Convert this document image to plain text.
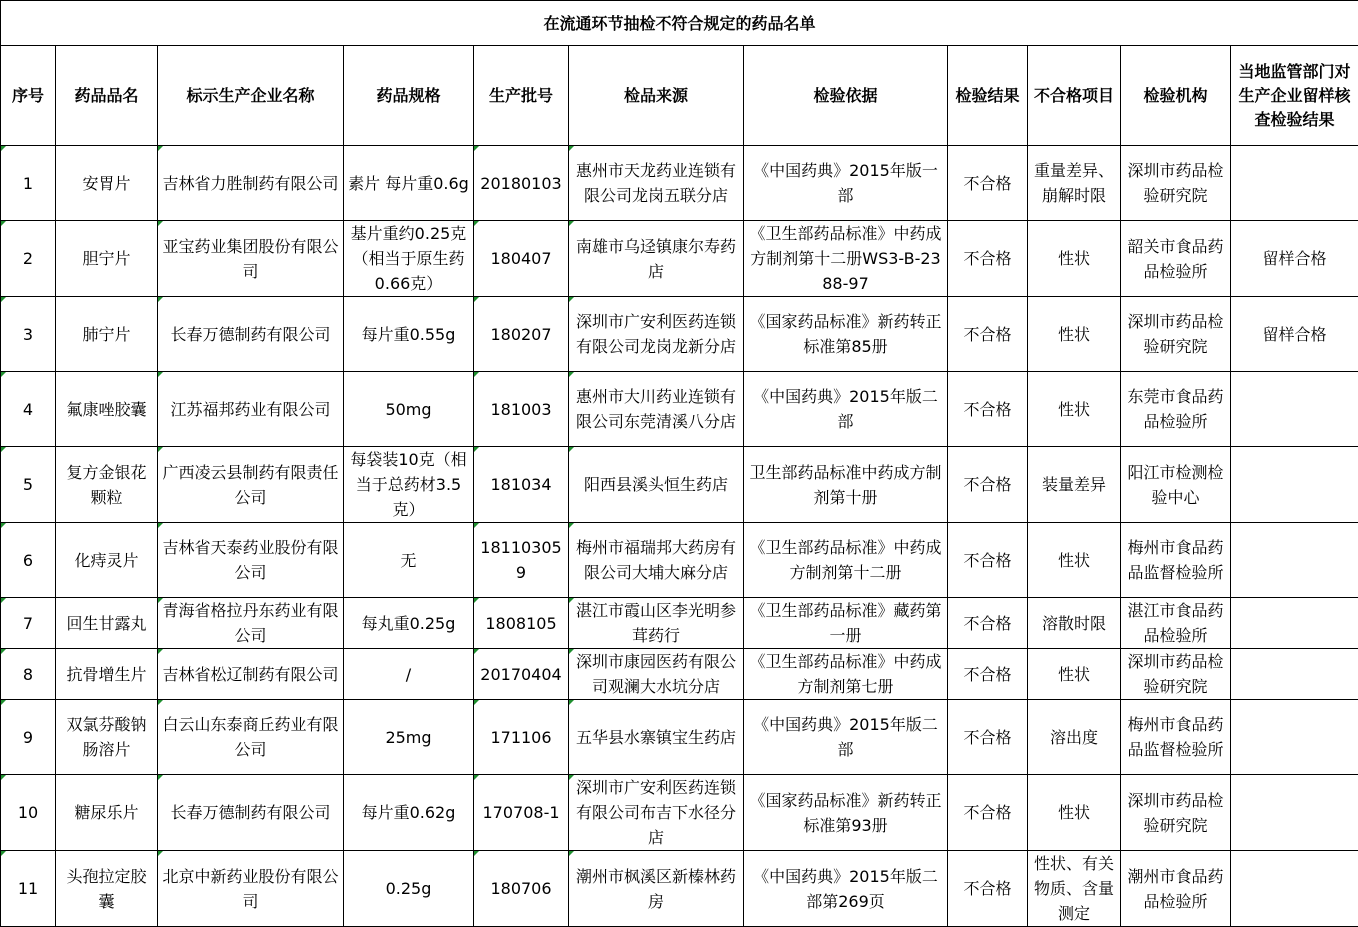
在流通环节抽检不符合规定的药品名单										
序号	药品品名	标示生产企业名称	药品规格	生产批号	检品来源	检验依据	检验结果	不合格项目	检验机构	当地监管部门对生产企业留样核查检验结果
1	安胃片	吉林省力胜制药有限公司	素片 每片重0.6g	20180103	惠州市天龙药业连锁有限公司龙岗五联分店	《中国药典》2015年版一部	不合格	重量差异、崩解时限	深圳市药品检验研究院	
2	胆宁片	亚宝药业集团股份有限公司	基片重约0.25克（相当于原生药0.66克）	180407	南雄市乌迳镇康尔寿药店	《卫生部药品标准》中药成方制剂第十二册WS3-B-2388-97	不合格	性状	韶关市食品药品检验所	留样合格
3	肺宁片	长春万德制药有限公司	每片重0.55g	180207	深圳市广安利医药连锁有限公司龙岗龙新分店	《国家药品标准》新药转正标准第85册	不合格	性状	深圳市药品检验研究院	留样合格
4	氟康唑胶囊	江苏福邦药业有限公司	50mg	181003	惠州市大川药业连锁有限公司东莞清溪八分店	《中国药典》2015年版二部	不合格	性状	东莞市食品药品检验所	
5	复方金银花颗粒	广西凌云县制药有限责任公司	每袋装10克（相当于总药材3.5克）	181034	阳西县溪头恒生药店	卫生部药品标准中药成方制剂第十册	不合格	装量差异	阳江市检测检验中心	
6	化痔灵片	吉林省天泰药业股份有限公司	无	181103059	梅州市福瑞邦大药房有限公司大埔大麻分店	《卫生部药品标准》中药成方制剂第十二册	不合格	性状	梅州市食品药品监督检验所	
7	回生甘露丸	青海省格拉丹东药业有限公司	每丸重0.25g	1808105	湛江市霞山区李光明参茸药行	《卫生部药品标准》藏药第一册	不合格	溶散时限	湛江市食品药品检验所	
8	抗骨增生片	吉林省松辽制药有限公司	/	20170404	深圳市康园医药有限公司观澜大水坑分店	《卫生部药品标准》中药成方制剂第七册	不合格	性状	深圳市药品检验研究院	
9	双氯芬酸钠肠溶片	白云山东泰商丘药业有限公司	25mg	171106	五华县水寨镇宝生药店	《中国药典》2015年版二部	不合格	溶出度	梅州市食品药品监督检验所	
10	糖尿乐片	长春万德制药有限公司	每片重0.62g	170708-1	深圳市广安利医药连锁有限公司布吉下水径分店	《国家药品标准》新药转正标准第93册	不合格	性状	深圳市药品检验研究院	
11	头孢拉定胶囊	北京中新药业股份有限公司	0.25g	180706	潮州市枫溪区新榛林药房	《中国药典》2015年版二部第269页	不合格	性状、有关物质、含量测定	潮州市食品药品检验所	
